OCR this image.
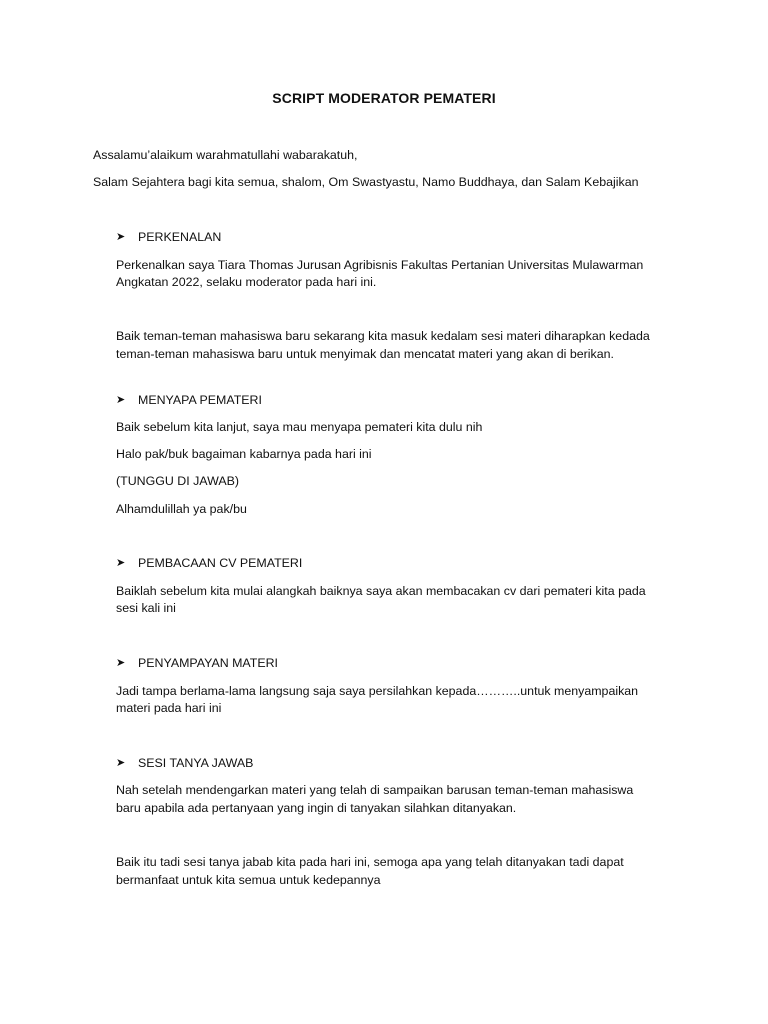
SCRIPT MODERATOR PEMATERI
Assalamu’alaikum warahmatullahi wabarakatuh,
Salam Sejahtera bagi kita semua, shalom, Om Swastyastu, Namo Buddhaya, dan Salam Kebajikan
➤ PERKENALAN
Perkenalkan saya Tiara Thomas Jurusan Agribisnis Fakultas Pertanian Universitas Mulawarman
Angkatan 2022, selaku moderator pada hari ini.
Baik teman-teman mahasiswa baru sekarang kita masuk kedalam sesi materi diharapkan kedada
teman-teman mahasiswa baru untuk menyimak dan mencatat materi yang akan di berikan.
➤ MENYAPA PEMATERI
Baik sebelum kita lanjut, saya mau menyapa pemateri kita dulu nih
Halo pak/buk bagaiman kabarnya pada hari ini
(TUNGGU DI JAWAB)
Alhamdulillah ya pak/bu
➤ PEMBACAAN CV PEMATERI
Baiklah sebelum kita mulai alangkah baiknya saya akan membacakan cv dari pemateri kita pada
sesi kali ini
➤ PENYAMPAYAN MATERI
Jadi tampa berlama-lama langsung saja saya persilahkan kepada………..untuk menyampaikan
materi pada hari ini
➤ SESI TANYA JAWAB
Nah setelah mendengarkan materi yang telah di sampaikan barusan teman-teman mahasiswa
baru apabila ada pertanyaan yang ingin di tanyakan silahkan ditanyakan.
Baik itu tadi sesi tanya jabab kita pada hari ini, semoga apa yang telah ditanyakan tadi dapat
bermanfaat untuk kita semua untuk kedepannya
